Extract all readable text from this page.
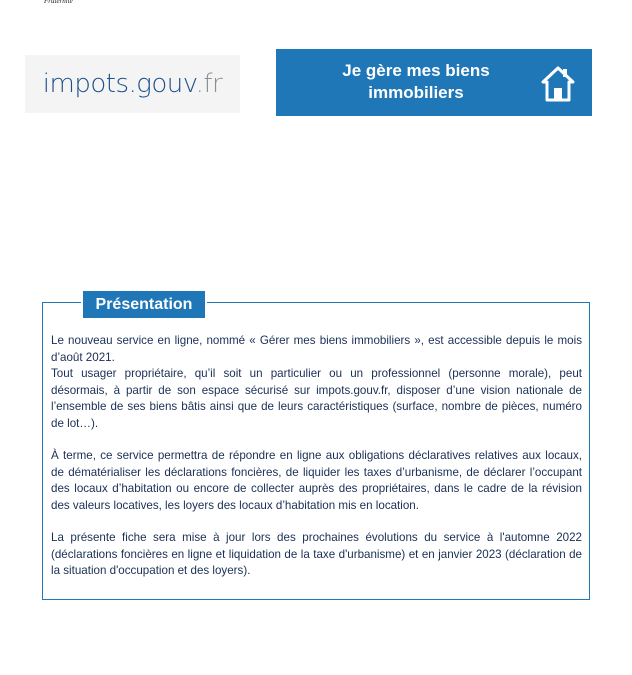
Fraternité
impots.gouv.fr	Je gère mes biens immobiliers
Présentation

Le nouveau service en ligne, nommé « Gérer mes biens immobiliers », est accessible depuis le mois d’août 2021.

Tout usager propriétaire, qu’il soit un particulier ou un professionnel (personne morale), peut désormais, à partir de son espace sécurisé sur impots.gouv.fr, disposer d’une vision nationale de l’ensemble de ses biens bâtis ainsi que de leurs caractéristiques (surface, nombre de pièces, numéro de lot…).

À terme, ce service permettra de répondre en ligne aux obligations déclaratives relatives aux locaux, de dématérialiser les déclarations foncières, de liquider les taxes d’urbanisme, de déclarer l’occupant des locaux d’habitation ou encore de collecter auprès des propriétaires, dans le cadre de la révision des valeurs locatives, les loyers des locaux d’habitation mis en location.

La présente fiche sera mise à jour lors des prochaines évolutions du service à l'automne 2022 (déclarations foncières en ligne et liquidation de la taxe d'urbanisme) et en janvier 2023 (déclaration de la situation d'occupation et des loyers).
